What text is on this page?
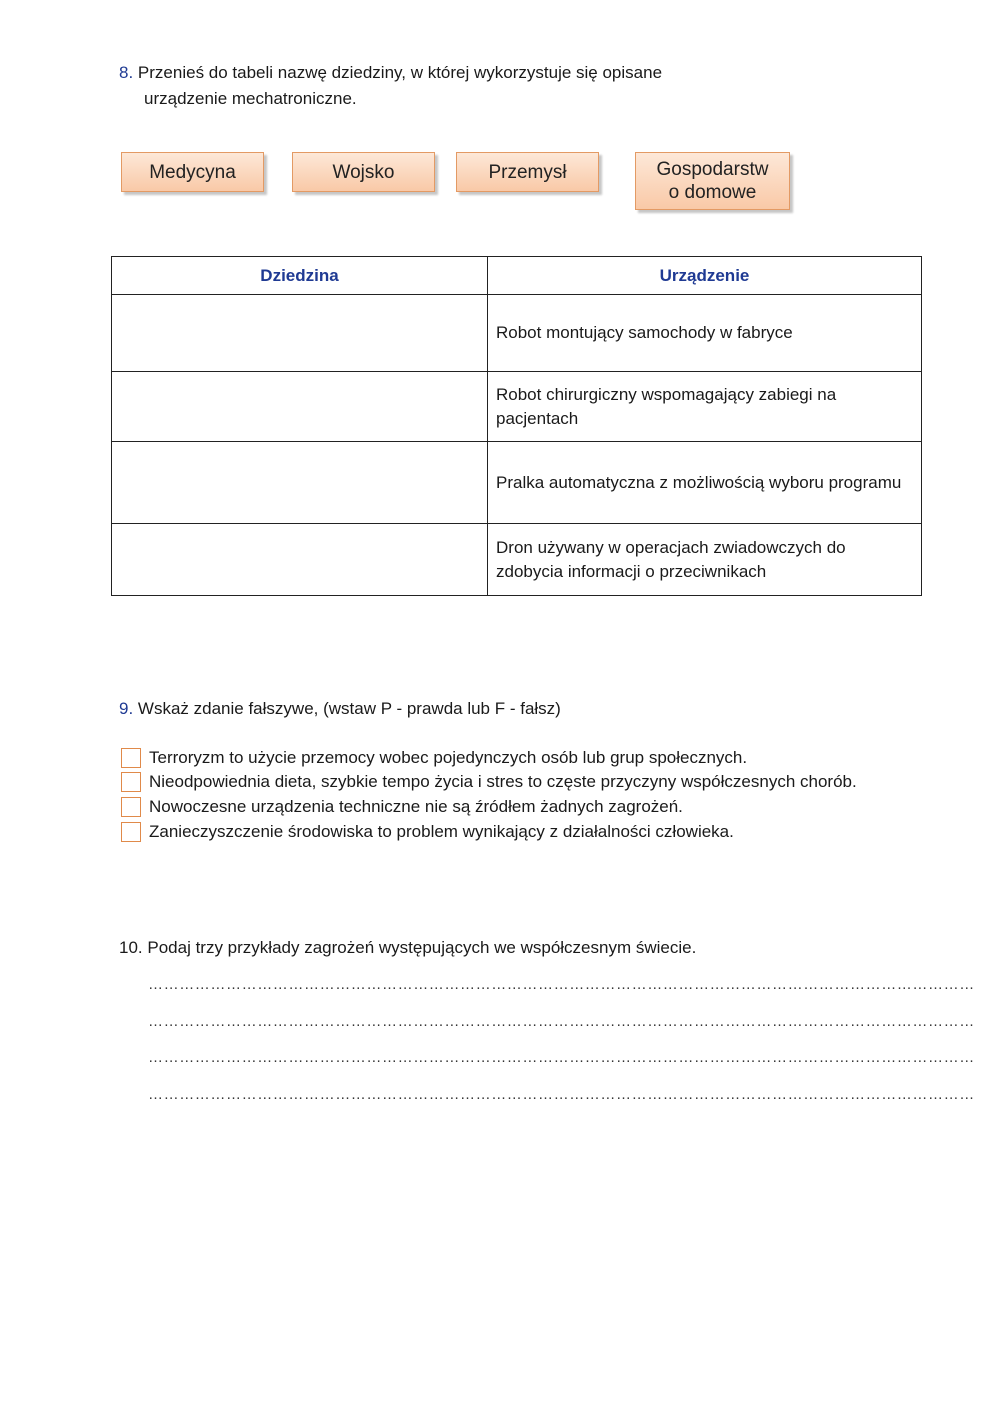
8. Przenieś do tabeli nazwę dziedziny, w której wykorzystuje się opisane
urządzenie mechatroniczne.
Medycyna	Wojsko	Przemysł	Gospodarstw
o domowe
Dziedzina	Urządzenie
	Robot montujący samochody w fabryce
	Robot chirurgiczny wspomagający zabiegi na pacjentach
	Pralka automatyczna z możliwością wyboru programu
	Dron używany w operacjach zwiadowczych do zdobycia informacji o przeciwnikach
9. Wskaż zdanie fałszywe, (wstaw P - prawda lub F - fałsz)
Terroryzm to użycie przemocy wobec pojedynczych osób lub grup społecznych.
Nieodpowiednia dieta, szybkie tempo życia i stres to częste przyczyny współczesnych chorób.
Nowoczesne urządzenia techniczne nie są źródłem żadnych zagrożeń.
Zanieczyszczenie środowiska to problem wynikający z działalności człowieka.
10. Podaj trzy przykłady zagrożeń występujących we współczesnym świecie.
……………………………………………………………………………………………………………………………………………
……………………………………………………………………………………………………………………………………………
……………………………………………………………………………………………………………………………………………
……………………………………………………………………………………………………………………………………………
